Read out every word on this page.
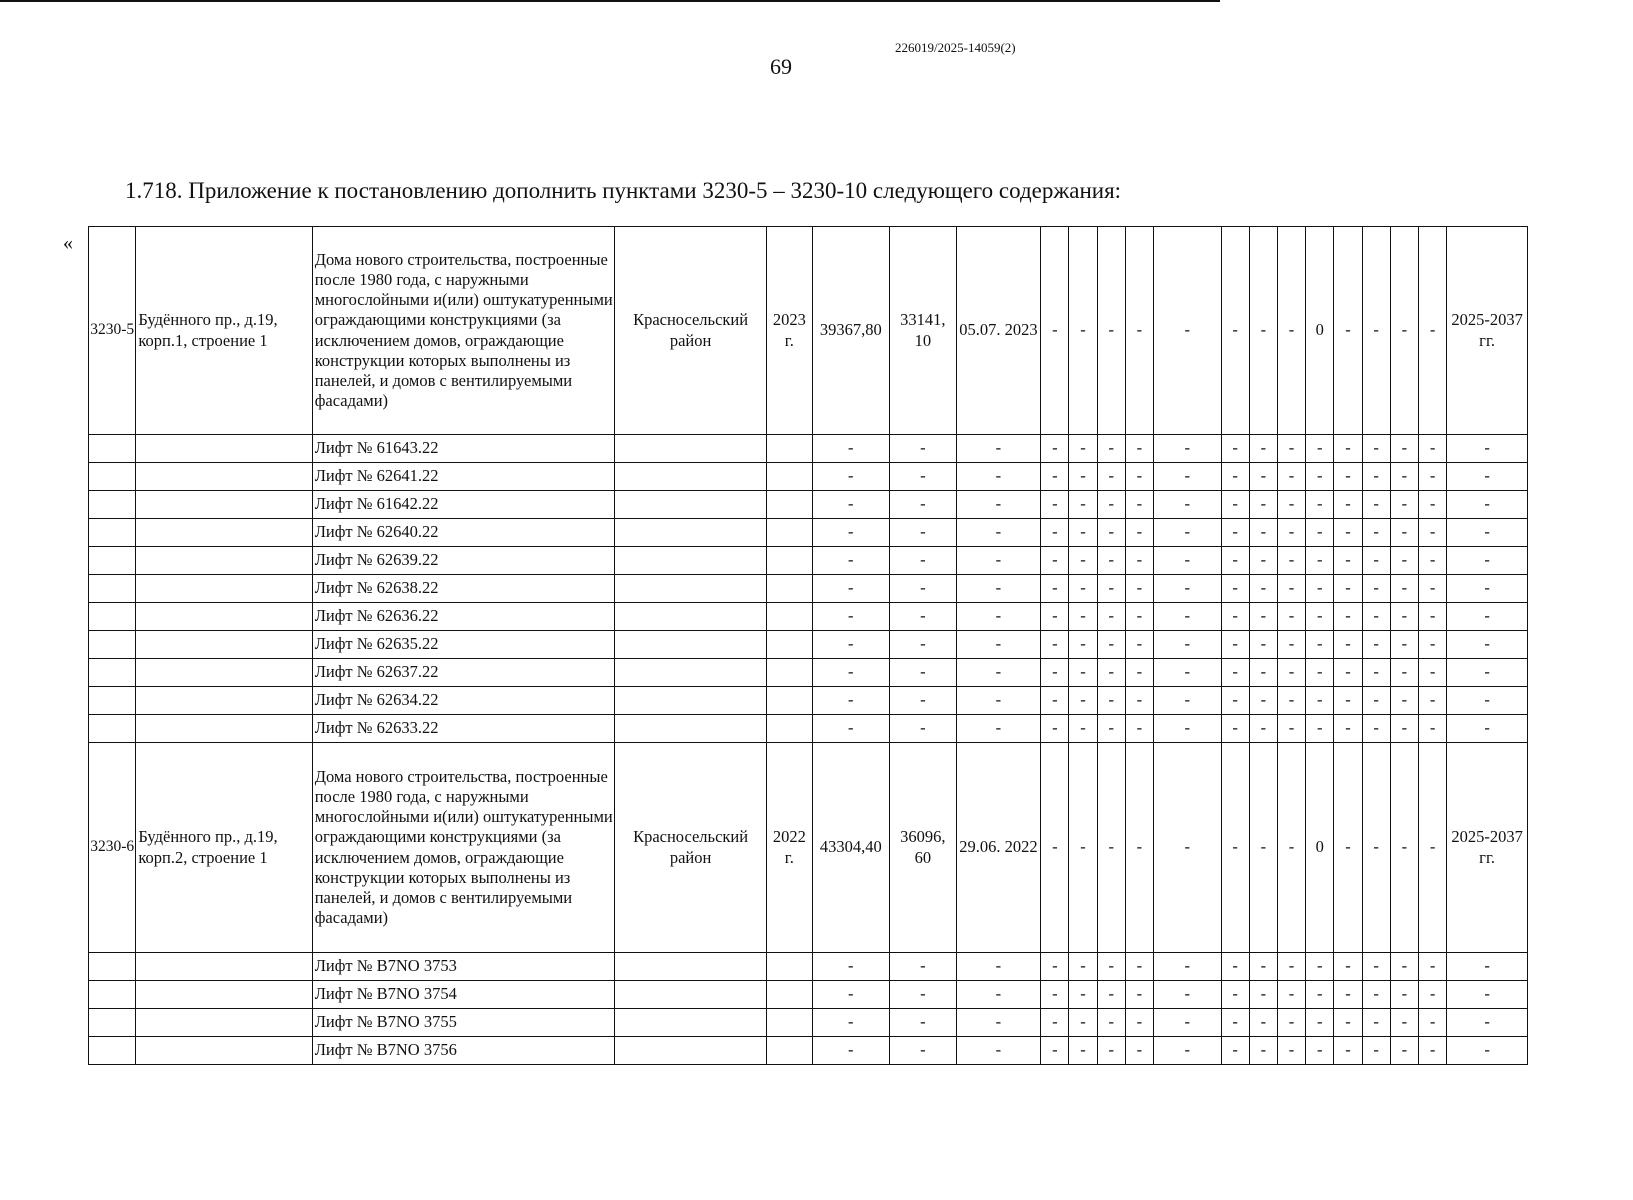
226019/2025-14059(2)
69
1.718. Приложение к постановлению дополнить пунктами 3230-5 – 3230-10 следующего содержания:
«
3230-5	Будённого пр., д.19, корп.1, строение 1	Дома нового строительства, построенные после 1980 года, с наружными многослойными и(или) оштукатуренными ограждающими конструкциями (за исключением домов, ограждающие конструкции которых выполнены из панелей, и домов с вентилируемыми фасадами)	Красносельский район	2023 г.	39367,80	33141, 10	05.07. 2023	-	-	-	-	-	-	-	-	0	-	-	-	-	2025-2037 гг.
		Лифт № 61643.22			-	-	-	-	-	-	-	-	-	-	-	-	-	-	-	-	-
		Лифт № 62641.22			-	-	-	-	-	-	-	-	-	-	-	-	-	-	-	-	-
		Лифт № 61642.22			-	-	-	-	-	-	-	-	-	-	-	-	-	-	-	-	-
		Лифт № 62640.22			-	-	-	-	-	-	-	-	-	-	-	-	-	-	-	-	-
		Лифт № 62639.22			-	-	-	-	-	-	-	-	-	-	-	-	-	-	-	-	-
		Лифт № 62638.22			-	-	-	-	-	-	-	-	-	-	-	-	-	-	-	-	-
		Лифт № 62636.22			-	-	-	-	-	-	-	-	-	-	-	-	-	-	-	-	-
		Лифт № 62635.22			-	-	-	-	-	-	-	-	-	-	-	-	-	-	-	-	-
		Лифт № 62637.22			-	-	-	-	-	-	-	-	-	-	-	-	-	-	-	-	-
		Лифт № 62634.22			-	-	-	-	-	-	-	-	-	-	-	-	-	-	-	-	-
		Лифт № 62633.22			-	-	-	-	-	-	-	-	-	-	-	-	-	-	-	-	-
3230-6	Будённого пр., д.19, корп.2, строение 1	Дома нового строительства, построенные после 1980 года, с наружными многослойными и(или) оштукатуренными ограждающими конструкциями (за исключением домов, ограждающие конструкции которых выполнены из панелей, и домов с вентилируемыми фасадами)	Красносельский район	2022 г.	43304,40	36096, 60	29.06. 2022	-	-	-	-	-	-	-	-	0	-	-	-	-	2025-2037 гг.
		Лифт № В7NO 3753			-	-	-	-	-	-	-	-	-	-	-	-	-	-	-	-	-
		Лифт № В7NO 3754			-	-	-	-	-	-	-	-	-	-	-	-	-	-	-	-	-
		Лифт № В7NO 3755			-	-	-	-	-	-	-	-	-	-	-	-	-	-	-	-	-
		Лифт № В7NO 3756			-	-	-	-	-	-	-	-	-	-	-	-	-	-	-	-	-
